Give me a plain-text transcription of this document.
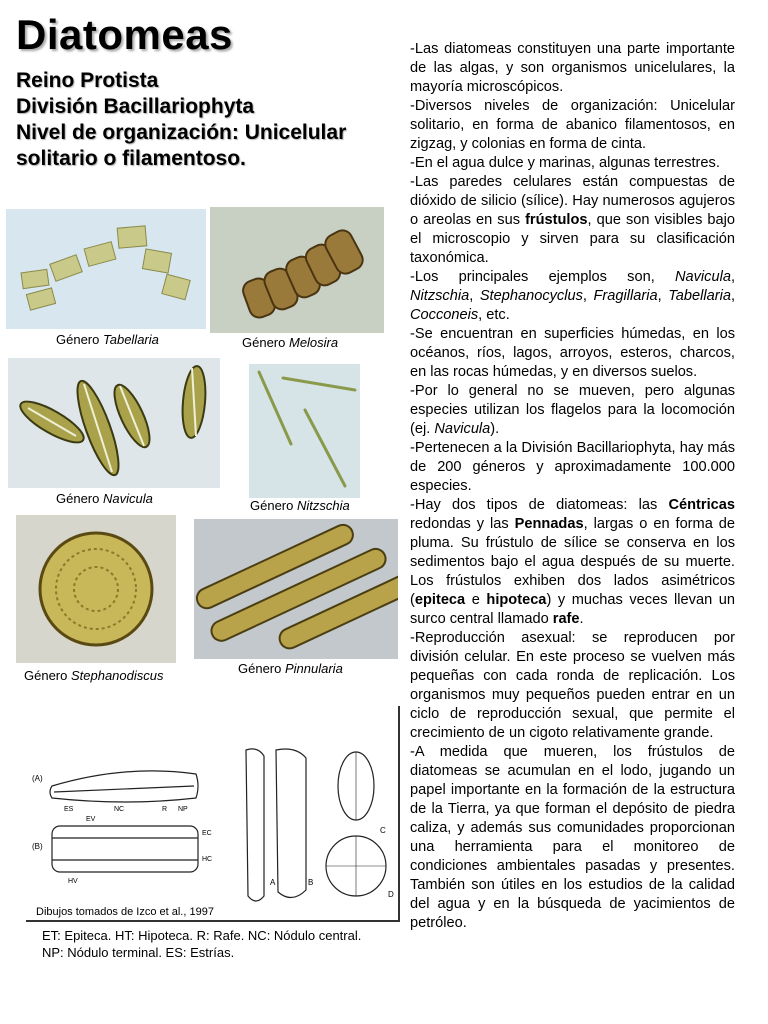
Diatomeas
Reino Protista
División Bacillariophyta
Nivel de organización: Unicelular
solitario o filamentoso.
Género Tabellaria	Género Melosira
Género Navicula	Género Nitzschia
Género Stephanodiscus	Género Pinnularia
(A)
(B)
ES	NC	R NP
EV
EC
HC
HV	A	B
C
D
Dibujos tomados de Izco et al., 1997
ET: Epiteca. HT: Hipoteca. R: Rafe. NC: Nódulo central.
NP: Nódulo terminal. ES: Estrías.

-Las diatomeas constituyen una parte importante de las algas, y son organismos unicelulares, la mayoría microscópicos.

-Diversos niveles de organización: Unicelular solitario, en forma de abanico filamentosos, en zigzag, y colonias en forma de cinta.

-En el agua dulce y marinas, algunas terrestres.

-Las paredes celulares están compuestas de dióxido de silicio (sílice). Hay numerosos agujeros o areolas en sus frústulos, que son visibles bajo el microscopio y sirven para su clasificación taxonómica.

-Los principales ejemplos son, Navicula, Nitzschia, Stephanocyclus, Fragillaria, Tabellaria, Cocconeis, etc.

-Se encuentran en superficies húmedas, en los océanos, ríos, lagos, arroyos, esteros, charcos, en las rocas húmedas, y en diversos suelos.

-Por lo general no se mueven, pero algunas especies utilizan los flagelos para la locomoción (ej. Navicula).

-Pertenecen a la División Bacillariophyta, hay más de 200 géneros y aproximadamente 100.000 especies.

-Hay dos tipos de diatomeas: las Céntricas redondas y las Pennadas, largas o en forma de pluma. Su frústulo de sílice se conserva en los sedimentos bajo el agua después de su muerte. Los frústulos exhiben dos lados asimétricos (epiteca e hipoteca) y muchas veces llevan un surco central llamado rafe.

-Reproducción asexual: se reproducen por división celular. En este proceso se vuelven más pequeñas con cada ronda de replicación. Los organismos muy pequeños pueden entrar en un ciclo de reproducción sexual, que permite el crecimiento de un cigoto relativamente grande.

-A medida que mueren, los frústulos de diatomeas se acumulan en el lodo, jugando un papel importante en la formación de la estructura de la Tierra, ya que forman el depósito de piedra caliza, y además sus comunidades proporcionan una herramienta para el monitoreo de condiciones ambientales pasadas y presentes. También son útiles en los estudios de la calidad del agua y en la búsqueda de yacimientos de petróleo.
